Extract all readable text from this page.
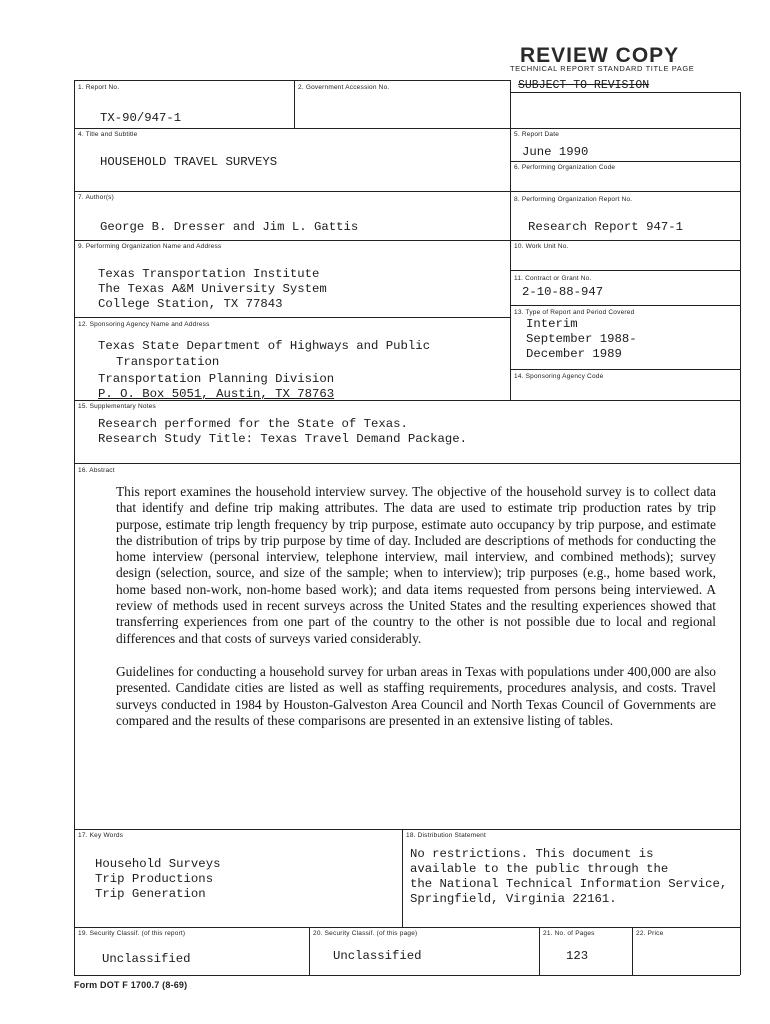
TECHNICAL REPORT STANDARD TITLE PAGE
REVIEW COPY
SUBJECT TO REVISION
1. Report No.
TX-90/947-1
2. Government Accession No.
4. Title and Subtitle
HOUSEHOLD TRAVEL SURVEYS
5. Report Date
June 1990
6. Performing Organization Code
7. Author(s)
George B. Dresser and Jim L. Gattis
8. Performing Organization Report No.
Research Report 947-1
9. Performing Organization Name and Address
Texas Transportation Institute
The Texas A&M University System
College Station, TX 77843
10. Work Unit No.
11. Contract or Grant No.
2-10-88-947
12. Sponsoring Agency Name and Address
Texas State Department of Highways and Public
Transportation
Transportation Planning Division
P. O. Box 5051, Austin, TX 78763
13. Type of Report and Period Covered
Interim
September 1988-
December 1989
14. Sponsoring Agency Code
15. Supplementary Notes
Research performed for the State of Texas.
Research Study Title: Texas Travel Demand Package.
16. Abstract

This report examines the household interview survey. The objective of the household survey is to collect data that identify and define trip making attributes. The data are used to estimate trip production rates by trip purpose, estimate trip length frequency by trip purpose, estimate auto occupancy by trip purpose, and estimate the distribution of trips by trip purpose by time of day. Included are descriptions of methods for conducting the home interview (personal interview, telephone interview, mail interview, and combined methods); survey design (selection, source, and size of the sample; when to interview); trip purposes (e.g., home based work, home based non-work, non-home based work); and data items requested from persons being interviewed. A review of methods used in recent surveys across the United States and the resulting experiences showed that transferring experiences from one part of the country to the other is not possible due to local and regional differences and that costs of surveys varied considerably.

Guidelines for conducting a household survey for urban areas in Texas with populations under 400,000 are also presented. Candidate cities are listed as well as staffing requirements, procedures analysis, and costs. Travel surveys conducted in 1984 by Houston-Galveston Area Council and North Texas Council of Governments are compared and the results of these comparisons are presented in an extensive listing of tables.

17. Key Words
Household Surveys
Trip Productions
Trip Generation
18. Distribution Statement
No restrictions. This document is
available to the public through the
the National Technical Information Service,
Springfield, Virginia 22161.
19. Security Classif. (of this report)
Unclassified
20. Security Classif. (of this page)
Unclassified
21. No. of Pages
123
22. Price
Form DOT F 1700.7 (8-69)
